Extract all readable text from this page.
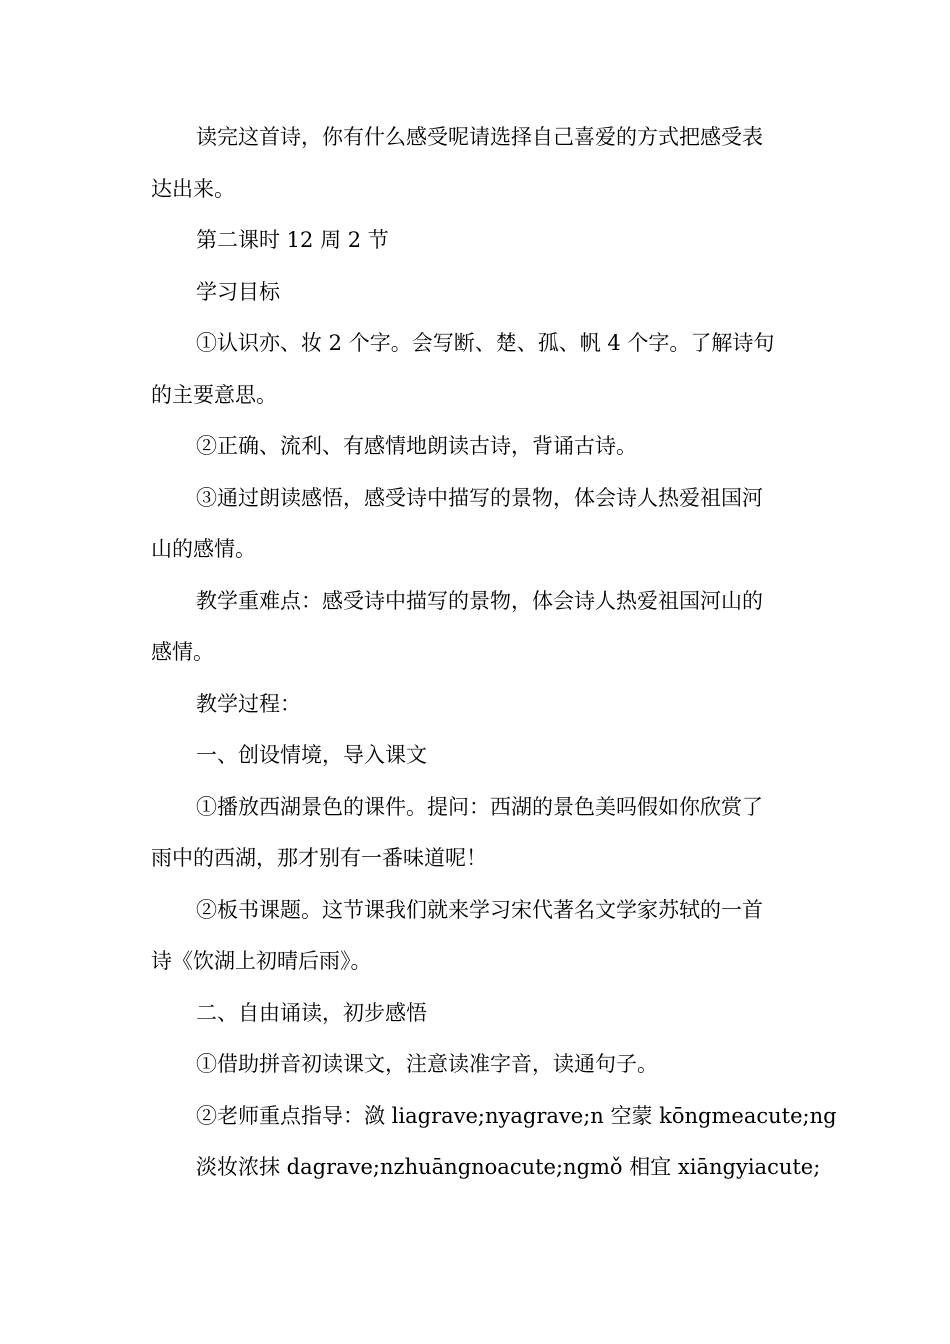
读完这首诗，你有什么感受呢请选择自己喜爱的方式把感受表
达出来。

第二课时 12 周 2 节

学习目标

①认识亦、妆 2 个字。会写断、楚、孤、帆 4 个字。了解诗句
的主要意思。

②正确、流利、有感情地朗读古诗，背诵古诗。

③通过朗读感悟，感受诗中描写的景物，体会诗人热爱祖国河
山的感情。

教学重难点：感受诗中描写的景物，体会诗人热爱祖国河山的
感情。

教学过程：

一、创设情境，导入课文

①播放西湖景色的课件。提问：西湖的景色美吗假如你欣赏了
雨中的西湖，那才别有一番味道呢！

②板书课题。这节课我们就来学习宋代著名文学家苏轼的一首
诗《饮湖上初晴后雨》。

二、自由诵读，初步感悟

①借助拼音初读课文，注意读准字音，读通句子。

②老师重点指导：潋 liagrave;nyagrave;n 空蒙 kōngmeacute;ng

淡妆浓抹 dagrave;nzhuāngnoacute;ngmǒ 相宜 xiāngyiacute;
